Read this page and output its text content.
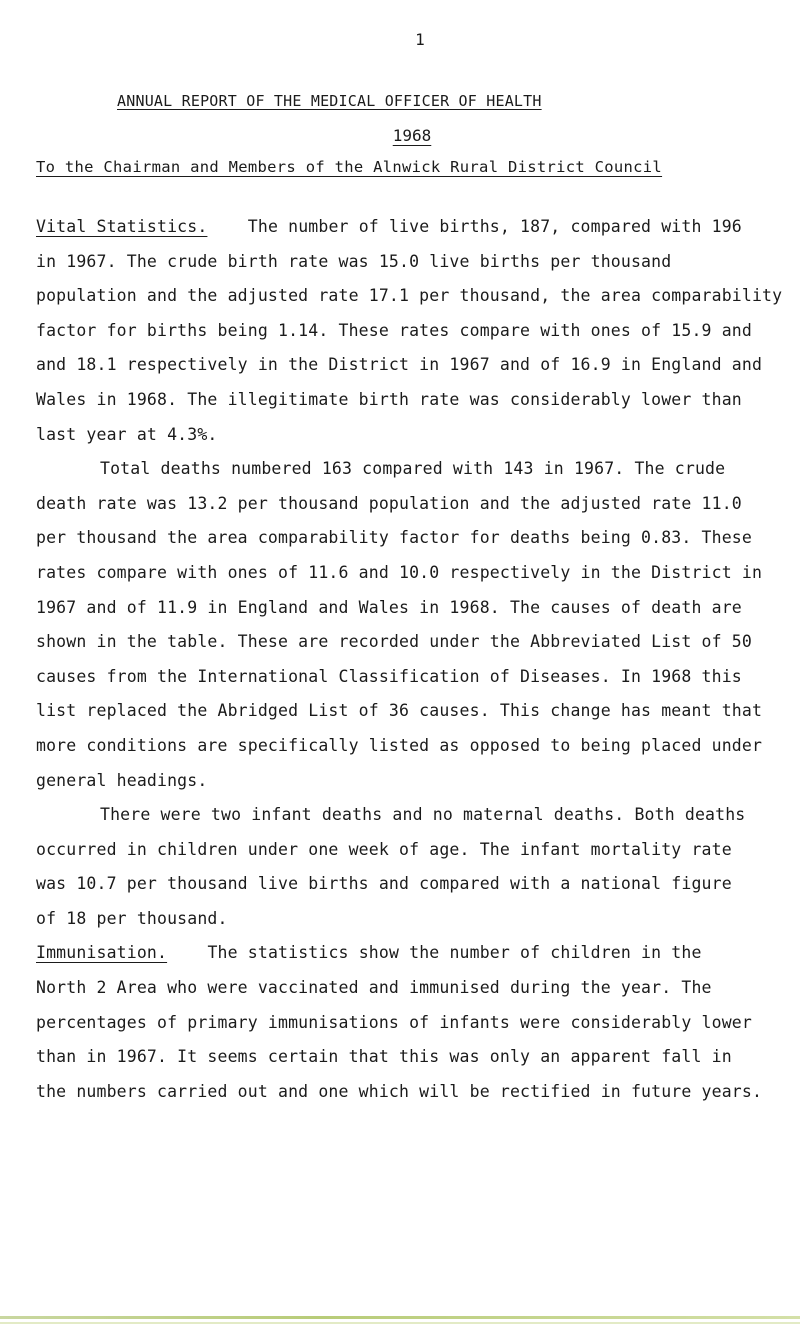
1
ANNUAL REPORT OF THE MEDICAL OFFICER OF HEALTH
1968
To the Chairman and Members of the Alnwick Rural District Council
Vital Statistics. The number of live births, 187, compared with 196
in 1967. The crude birth rate was 15.0 live births per thousand
population and the adjusted rate 17.1 per thousand, the area comparability
factor for births being 1.14. These rates compare with ones of 15.9 and
and 18.1 respectively in the District in 1967 and of 16.9 in England and
Wales in 1968. The illegitimate birth rate was considerably lower than
last year at 4.3%.
Total deaths numbered 163 compared with 143 in 1967. The crude
death rate was 13.2 per thousand population and the adjusted rate 11.0
per thousand the area comparability factor for deaths being 0.83. These
rates compare with ones of 11.6 and 10.0 respectively in the District in
1967 and of 11.9 in England and Wales in 1968. The causes of death are
shown in the table. These are recorded under the Abbreviated List of 50
causes from the International Classification of Diseases. In 1968 this
list replaced the Abridged List of 36 causes. This change has meant that
more conditions are specifically listed as opposed to being placed under
general headings.
There were two infant deaths and no maternal deaths. Both deaths
occurred in children under one week of age. The infant mortality rate
was 10.7 per thousand live births and compared with a national figure
of 18 per thousand.
Immunisation. The statistics show the number of children in the
North 2 Area who were vaccinated and immunised during the year. The
percentages of primary immunisations of infants were considerably lower
than in 1967. It seems certain that this was only an apparent fall in
the numbers carried out and one which will be rectified in future years.
